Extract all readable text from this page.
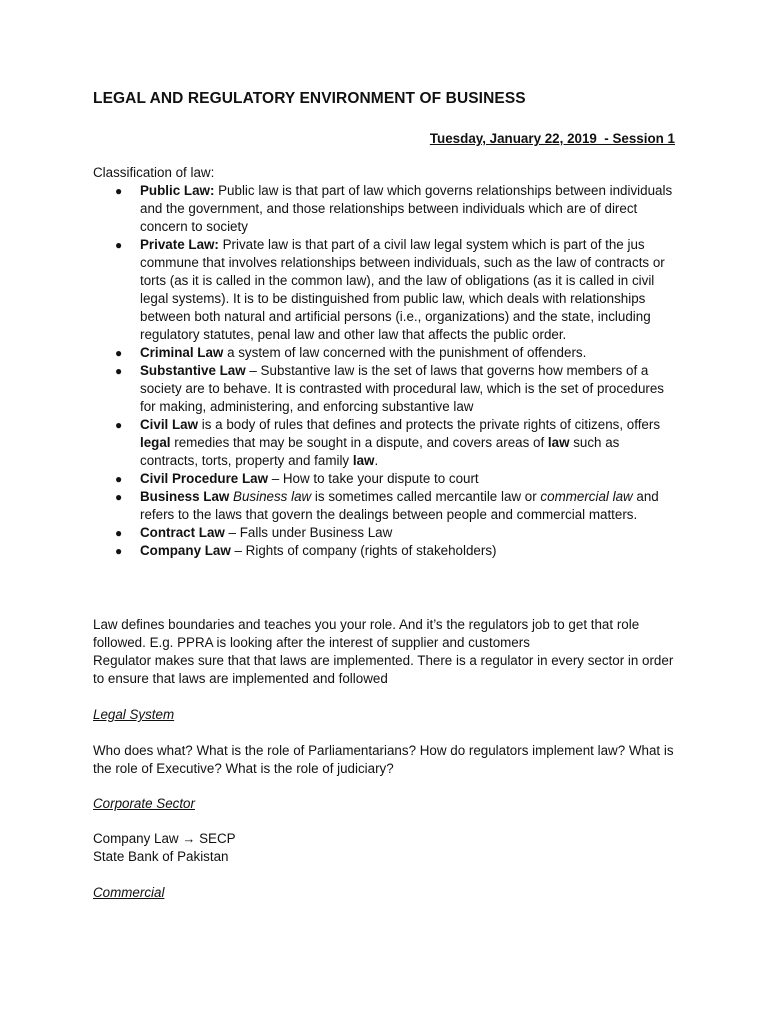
LEGAL AND REGULATORY ENVIRONMENT OF BUSINESS
Tuesday, January 22, 2019  - Session 1
Classification of law:
● Public Law: Public law is that part of law which governs relationships between individuals and the government, and those relationships between individuals which are of direct concern to society
● Private Law: Private law is that part of a civil law legal system which is part of the jus commune that involves relationships between individuals, such as the law of contracts or torts (as it is called in the common law), and the law of obligations (as it is called in civil legal systems). It is to be distinguished from public law, which deals with relationships between both natural and artificial persons (i.e., organizations) and the state, including regulatory statutes, penal law and other law that affects the public order.
● Criminal Law a system of law concerned with the punishment of offenders.
● Substantive Law – Substantive law is the set of laws that governs how members of a society are to behave. It is contrasted with procedural law, which is the set of procedures for making, administering, and enforcing substantive law
● Civil Law is a body of rules that defines and protects the private rights of citizens, offers legal remedies that may be sought in a dispute, and covers areas of law such as contracts, torts, property and family law.
● Civil Procedure Law – How to take your dispute to court
● Business Law Business law is sometimes called mercantile law or commercial law and refers to the laws that govern the dealings between people and commercial matters.
● Contract Law – Falls under Business Law
● Company Law – Rights of company (rights of stakeholders)
Law defines boundaries and teaches you your role. And it’s the regulators job to get that role followed. E.g. PPRA is looking after the interest of supplier and customers
Regulator makes sure that that laws are implemented. There is a regulator in every sector in order to ensure that laws are implemented and followed
Legal System
Who does what? What is the role of Parliamentarians? How do regulators implement law? What is the role of Executive? What is the role of judiciary?
Corporate Sector
Company Law → SECP
State Bank of Pakistan
Commercial
